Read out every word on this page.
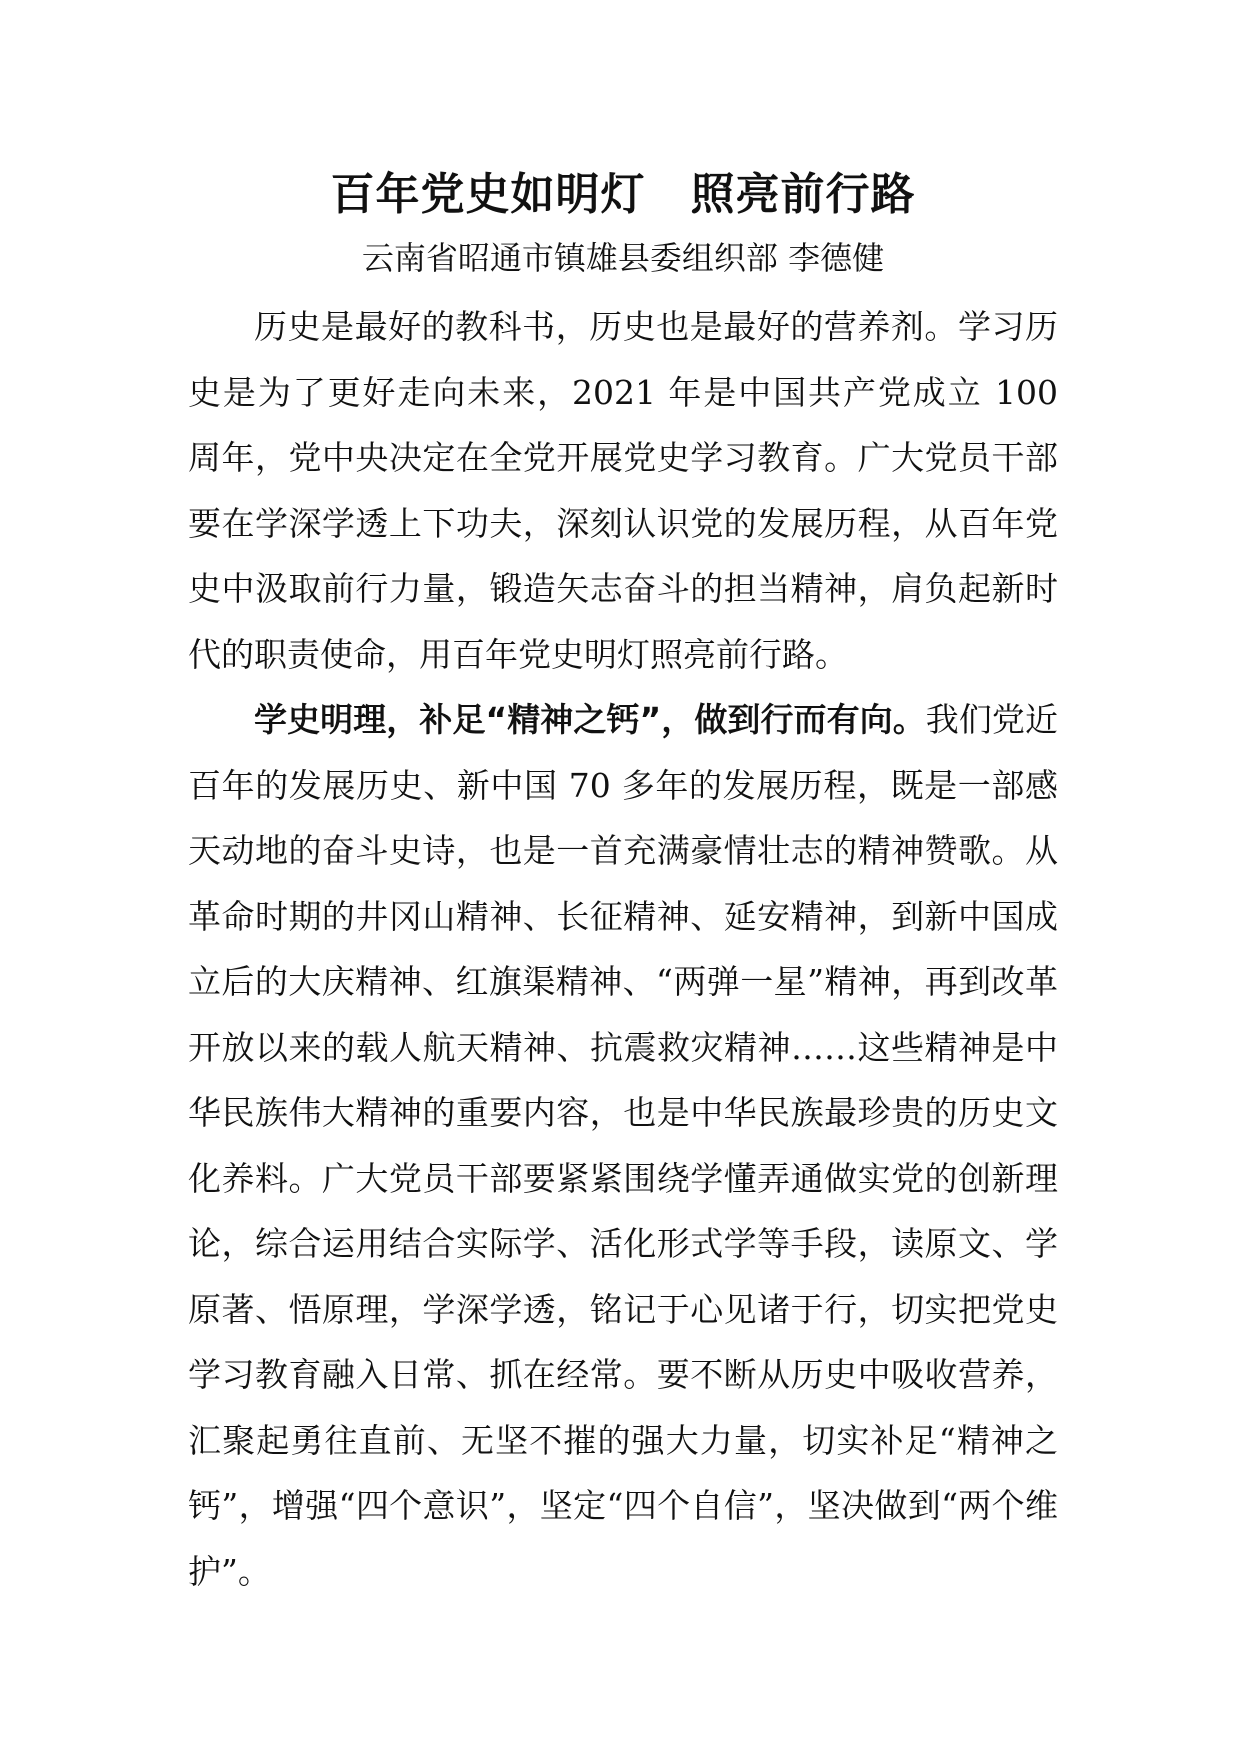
百年党史如明灯　照亮前行路

云南省昭通市镇雄县委组织部 李德健

历史是最好的教科书，历史也是最好的营养剂。学习历史是为了更好走向未来，2021 年是中国共产党成立 100 周年，党中央决定在全党开展党史学习教育。广大党员干部要在学深学透上下功夫，深刻认识党的发展历程，从百年党史中汲取前行力量，锻造矢志奋斗的担当精神，肩负起新时代的职责使命，用百年党史明灯照亮前行路。

学史明理，补足“精神之钙”，做到行而有向。我们党近百年的发展历史、新中国 70 多年的发展历程，既是一部感天动地的奋斗史诗，也是一首充满豪情壮志的精神赞歌。从革命时期的井冈山精神、长征精神、延安精神，到新中国成立后的大庆精神、红旗渠精神、“两弹一星”精神，再到改革开放以来的载人航天精神、抗震救灾精神……这些精神是中华民族伟大精神的重要内容，也是中华民族最珍贵的历史文化养料。广大党员干部要紧紧围绕学懂弄通做实党的创新理论，综合运用结合实际学、活化形式学等手段，读原文、学原著、悟原理，学深学透，铭记于心见诸于行，切实把党史学习教育融入日常、抓在经常。要不断从历史中吸收营养，汇聚起勇往直前、无坚不摧的强大力量，切实补足“精神之钙”，增强“四个意识”，坚定“四个自信”，坚决做到“两个维护”。
